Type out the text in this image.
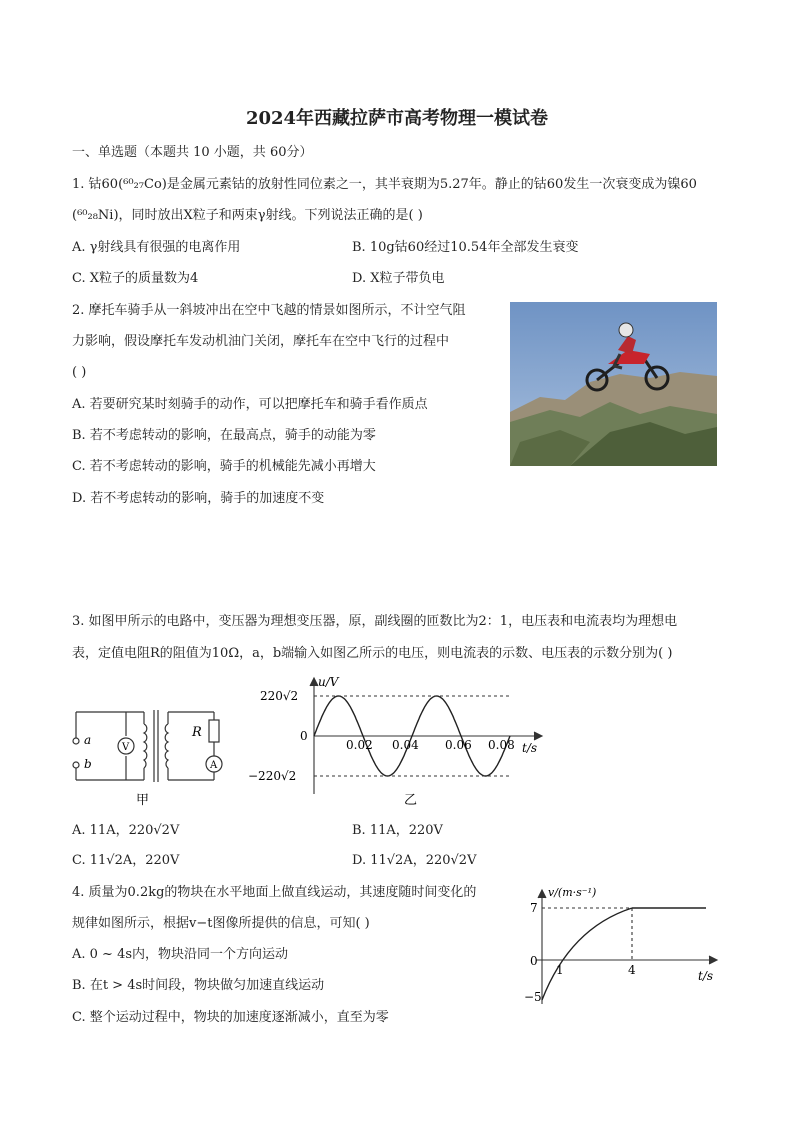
2024年西藏拉萨市高考物理一模试卷
一、单选题（本题共 10 小题，共 60分）
1. 钴60(⁶⁰₂₇Co)是金属元素钴的放射性同位素之一，其半衰期为5.27年。静止的钴60发生一次衰变成为镍60
(⁶⁰₂₈Ni)，同时放出X粒子和两束γ射线。下列说法正确的是( )
A. γ射线具有很强的电离作用	B. 10g钴60经过10.54年全部发生衰变
C. X粒子的质量数为4	D. X粒子带负电
2. 摩托车骑手从一斜坡冲出在空中飞越的情景如图所示，不计空气阻
力影响，假设摩托车发动机油门关闭，摩托车在空中飞行的过程中
( )
A. 若要研究某时刻骑手的动作，可以把摩托车和骑手看作质点
B. 若不考虑转动的影响，在最高点，骑手的动能为零
C. 若不考虑转动的影响，骑手的机械能先减小再增大
D. 若不考虑转动的影响，骑手的加速度不变
3. 如图甲所示的电路中，变压器为理想变压器，原，副线圈的匝数比为2：1，电压表和电流表均为理想电
表，定值电阻R的阻值为10Ω，a，b端输入如图乙所示的电压，则电流表的示数、电压表的示数分别为( )
a
b
V
R
A
甲
u/V
t/s
220√2
−220√2
0
0.02 0.04 0.06 0.08
乙
A. 11A，220√2V	B. 11A，220V
C. 11√2A，220V	D. 11√2A，220√2V
4. 质量为0.2kg的物块在水平地面上做直线运动，其速度随时间变化的
规律如图所示，根据v−t图像所提供的信息，可知( )
A. 0 ~ 4s内，物块沿同一个方向运动
B. 在t > 4s时间段，物块做匀加速直线运动
C. 整个运动过程中，物块的加速度逐渐减小，直至为零
v/(m·s⁻¹)
t/s
7
0
−5
1	4
